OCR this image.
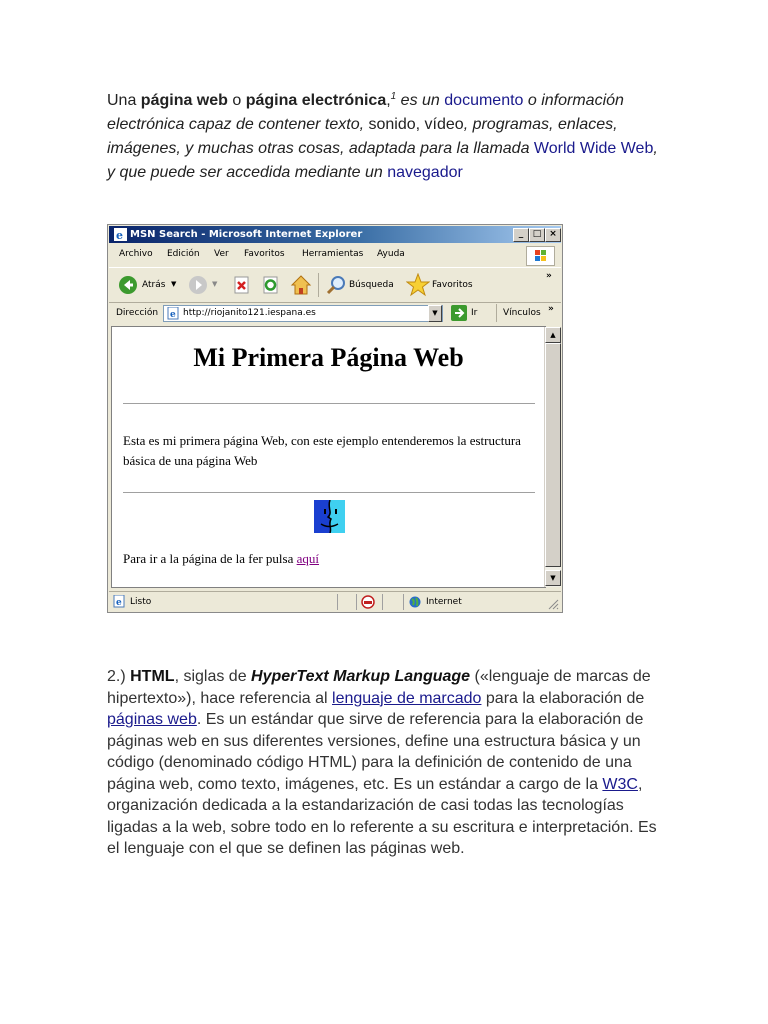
Una página web o página electrónica,$^1$ es un documento o información electrónica capaz de contener texto, sonido, vídeo, programas, enlaces, imágenes, y muchas otras cosas, adaptada para la llamada World Wide Web, y que puede ser accedida mediante un navegador
e MSN Search - Microsoft Internet Explorer	_	□ ×
Archivo Edición Ver Favoritos Herramientas Ayuda
Atrás ▼	▼	Búsqueda	Favoritos
»
Dirección e http://riojanito121.iespana.es	▼	Ir	Vínculos »
Mi Primera Página Web
Esta es mi primera página Web, con este ejemplo entenderemos la estructura básica de una página Web
Para ir a la página de la fer pulsa aquí
▲
▼
e Listo	Internet
2.) HTML, siglas de HyperText Markup Language («lenguaje de marcas de hipertexto»), hace referencia al lenguaje de marcado para la elaboración de páginas web. Es un estándar que sirve de referencia para la elaboración de páginas web en sus diferentes versiones, define una estructura básica y un código (denominado código HTML) para la definición de contenido de una página web, como texto, imágenes, etc. Es un estándar a cargo de la W3C, organización dedicada a la estandarización de casi todas las tecnologías ligadas a la web, sobre todo en lo referente a su escritura e interpretación. Es el lenguaje con el que se definen las páginas web.
